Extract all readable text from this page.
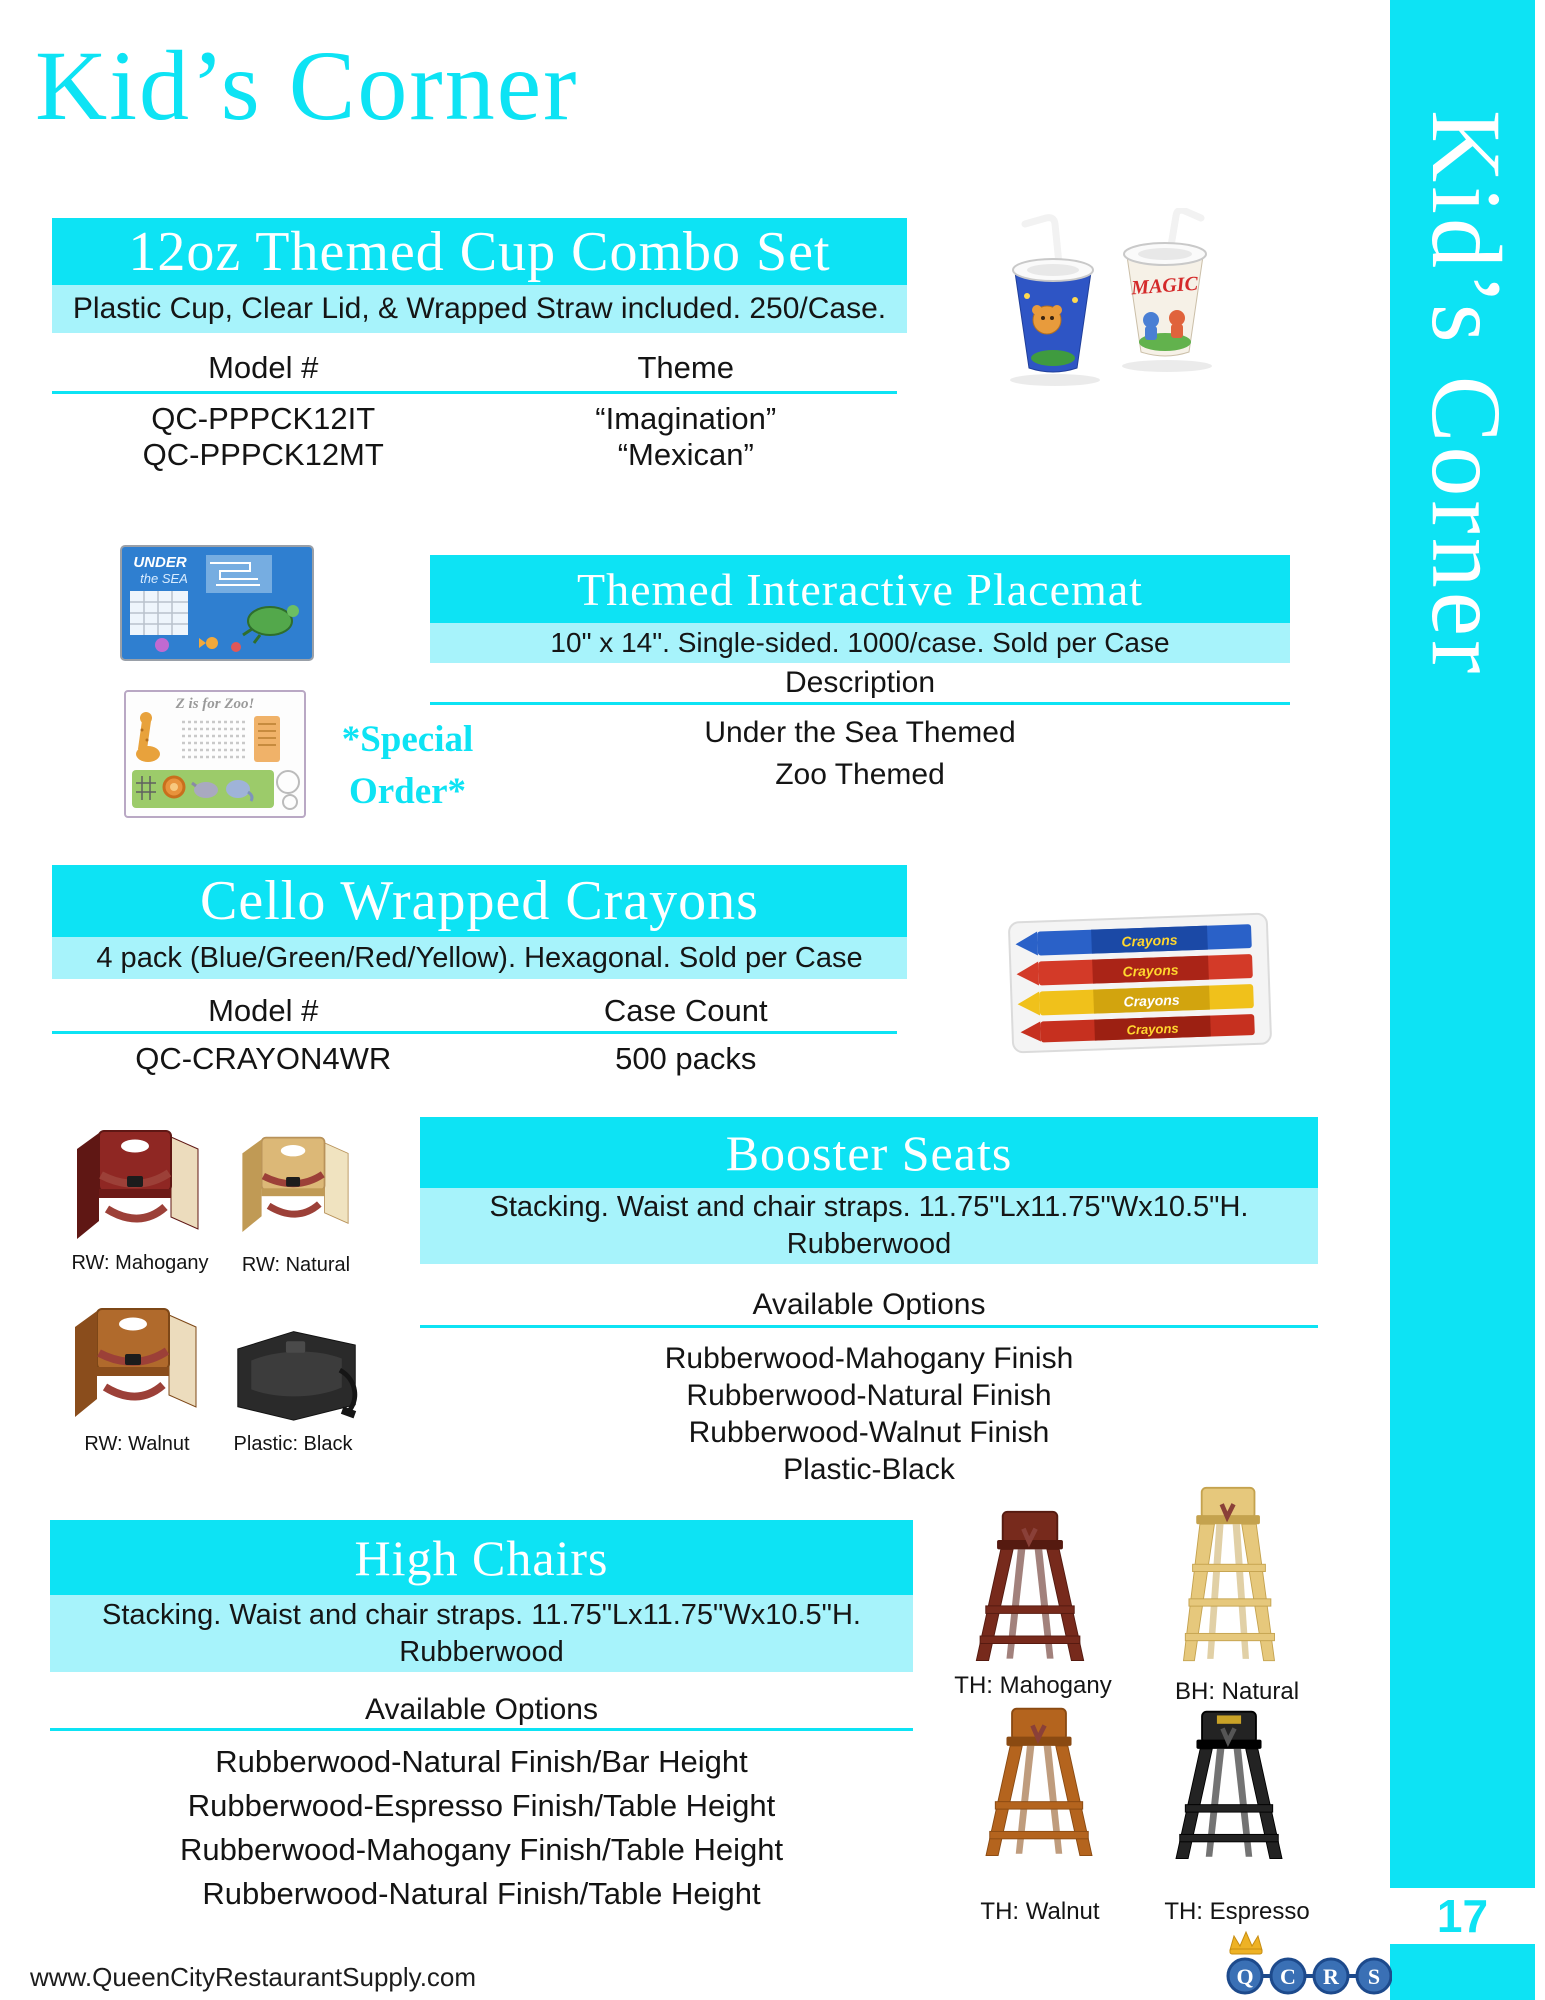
Kid’s Corner
17
Kid’s Corner
12oz Themed Cup Combo Set
Plastic Cup, Clear Lid, & Wrapped Straw included. 250/Case.
Model #	Theme
QC-PPPCK12IT	“Imagination”
QC-PPPCK12MT	“Mexican”
MAGIC
UNDER
the SEA
Z is for Zoo!
Themed Interactive Placemat
10" x 14". Single-sided. 1000/case. Sold per Case
Description
*Special
Order*
Under the Sea Themed
Zoo Themed
Cello Wrapped Crayons
4 pack (Blue/Green/Red/Yellow). Hexagonal. Sold per Case
Model #	Case Count
QC-CRAYON4WR	500 packs
Crayons
Crayons
Crayons
Crayons
RW: Mahogany RW: Natural
RW: Walnut Plastic: Black
Booster Seats
Stacking. Waist and chair straps. 11.75"Lx11.75"Wx10.5"H.
Rubberwood
Available Options
Rubberwood-Mahogany Finish
Rubberwood-Natural Finish
Rubberwood-Walnut Finish
Plastic-Black
High Chairs
Stacking. Waist and chair straps. 11.75"Lx11.75"Wx10.5"H.
Rubberwood
Available Options
Rubberwood-Natural Finish/Bar Height
Rubberwood-Espresso Finish/Table Height
Rubberwood-Mahogany Finish/Table Height
Rubberwood-Natural Finish/Table Height
TH: Mahogany	BH: Natural
TH: Walnut	TH: Espresso
www.QueenCityRestaurantSupply.com	Q C R S
